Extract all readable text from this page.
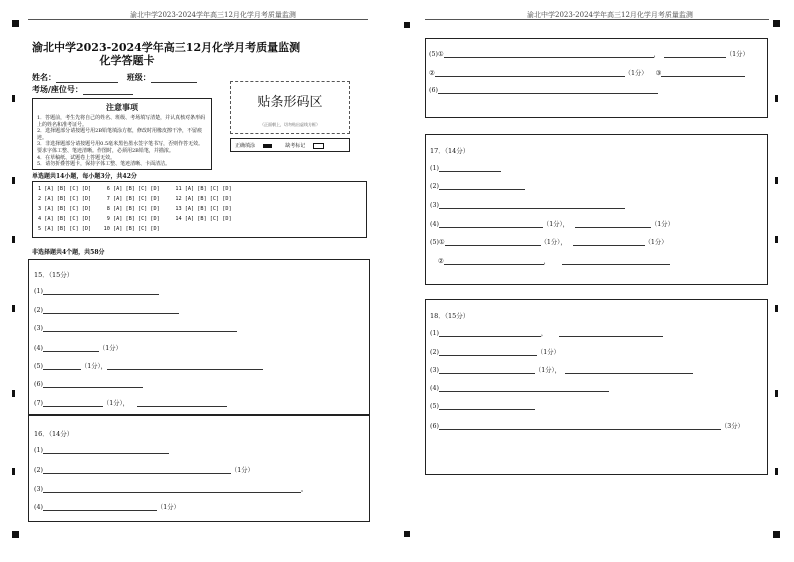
渝北中学2023-2024学年高三12月化学月考质量监测	渝北中学2023-2024学年高三12月化学月考质量监测
渝北中学2023-2024学年高三12月化学月考质量监测
化学答题卡
姓名：	班级：
考场/座位号：
注意事项
1．答题前，考生先将自己的姓名、班级、考场填写清楚，并认真核对条形码上的姓名和准考证号。
2．选择题部分请按题号用2B铅笔填涂方框，修改时用橡皮擦干净，不留痕迹。
3．非选择题部分请按题号用0.5毫米黑色墨水签字笔书写，否则作答无效。要求字体工整、笔迹清晰。作图时，必须用2B铅笔，并描浓。
4．在草稿纸、试题卷上答题无效。
5．请勿折叠答题卡，保持字体工整、笔迹清晰、卡面清洁。
贴条形码区
（正面朝上，切勿贴出虚线方框）
正确填涂	缺考标记
单选题共14小题，每小题3分，共42分
1 [A] [B] [C] [D]     6 [A] [B] [C] [D]     11 [A] [B] [C] [D]
2 [A] [B] [C] [D]     7 [A] [B] [C] [D]     12 [A] [B] [C] [D]
3 [A] [B] [C] [D]     8 [A] [B] [C] [D]     13 [A] [B] [C] [D]
4 [A] [B] [C] [D]     9 [A] [B] [C] [D]     14 [A] [B] [C] [D]
5 [A] [B] [C] [D]    10 [A] [B] [C] [D]
非选择题共4个题，共58分
15．（15分）
(1)
(2)
(3)
(4)	（1分）
(5)	（1分），
(6)
(7)	（1分），
16．（14分）
(1)
(2)	（1分）
(3)	。
(4)	（1分）
(5)①	，	（1分）
②	（1分） ③
(6)
17．（14分）
(1)
(2)
(3)
(4)	（1分），	（1分）
(5)①	（1分），	（1分）
②	，
18．（15分）
(1)	，
(2)	（1分）
(3)	（1分），
(4)
(5)
(6)	（3分）
